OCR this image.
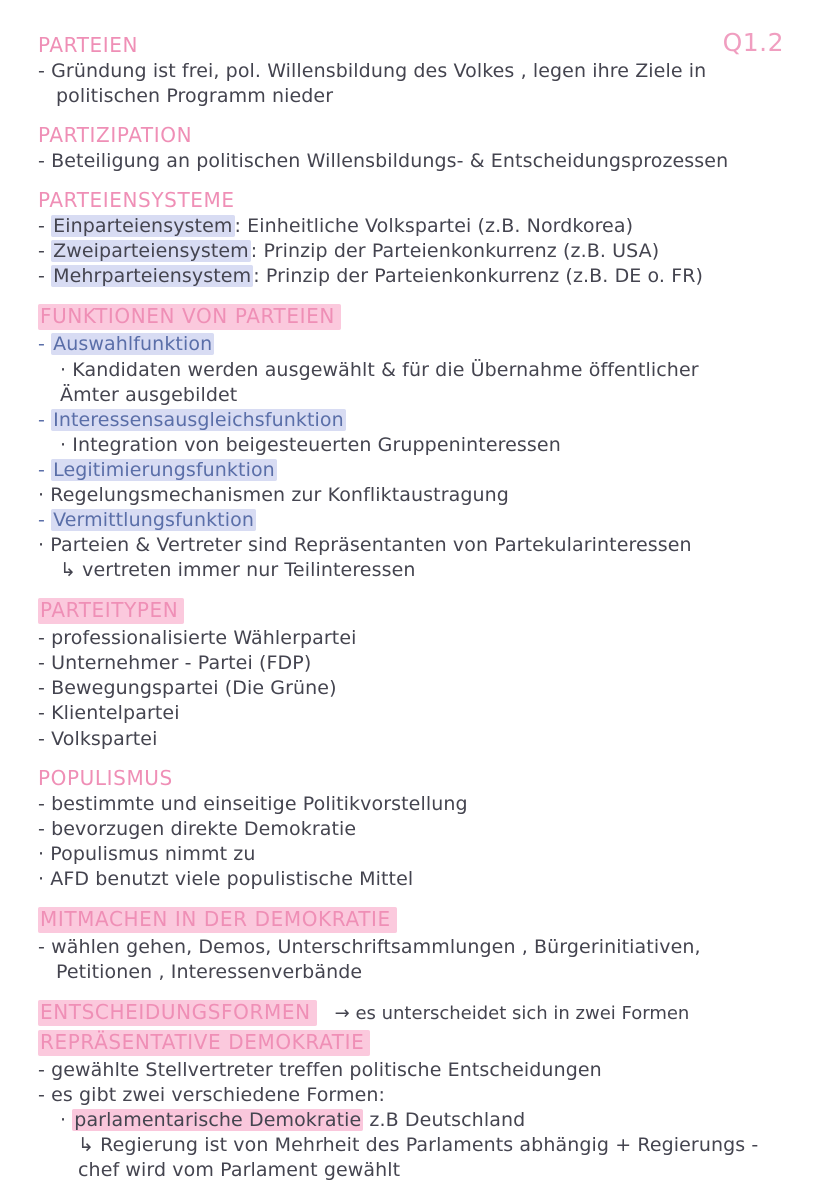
Q1.2
PARTEIEN

- Gründung ist frei, pol. Willensbildung des Volkes , legen ihre Ziele in

politischen Programm nieder

PARTIZIPATION

- Beteiligung an politischen Willensbildungs- & Entscheidungsprozessen

PARTEIENSYSTEME

- Einparteiensystem : Einheitliche Volkspartei (z.B. Nordkorea)

- Zweiparteiensystem : Prinzip der Parteienkonkurrenz (z.B. USA)

- Mehrparteiensystem : Prinzip der Parteienkonkurrenz (z.B. DE o. FR)

FUNKTIONEN VON PARTEIEN

- Auswahlfunktion

· Kandidaten werden ausgewählt & für die Übernahme öffentlicher

Ämter ausgebildet

- Interessensausgleichsfunktion

· Integration von beigesteuerten Gruppeninteressen

- Legitimierungsfunktion

· Regelungsmechanismen zur Konfliktaustragung

- Vermittlungsfunktion

· Parteien & Vertreter sind Repräsentanten von Partekularinteressen

↳ vertreten immer nur Teilinteressen

PARTEITYPEN

- professionalisierte Wählerpartei

- Unternehmer - Partei (FDP)

- Bewegungspartei (Die Grüne)

- Klientelpartei

- Volkspartei

POPULISMUS

- bestimmte und einseitige Politikvorstellung

- bevorzugen direkte Demokratie

· Populismus nimmt zu

· AFD benutzt viele populistische Mittel

MITMACHEN IN DER DEMOKRATIE

- wählen gehen, Demos, Unterschriftsammlungen , Bürgerinitiativen,

Petitionen , Interessenverbände

ENTSCHEIDUNGSFORMEN	→ es unterscheidet sich in zwei Formen
REPRÄSENTATIVE DEMOKRATIE

- gewählte Stellvertreter treffen politische Entscheidungen

- es gibt zwei verschiedene Formen:

· parlamentarische Demokratie z.B Deutschland

↳ Regierung ist von Mehrheit des Parlaments abhängig + Regierungs -

chef wird vom Parlament gewählt
